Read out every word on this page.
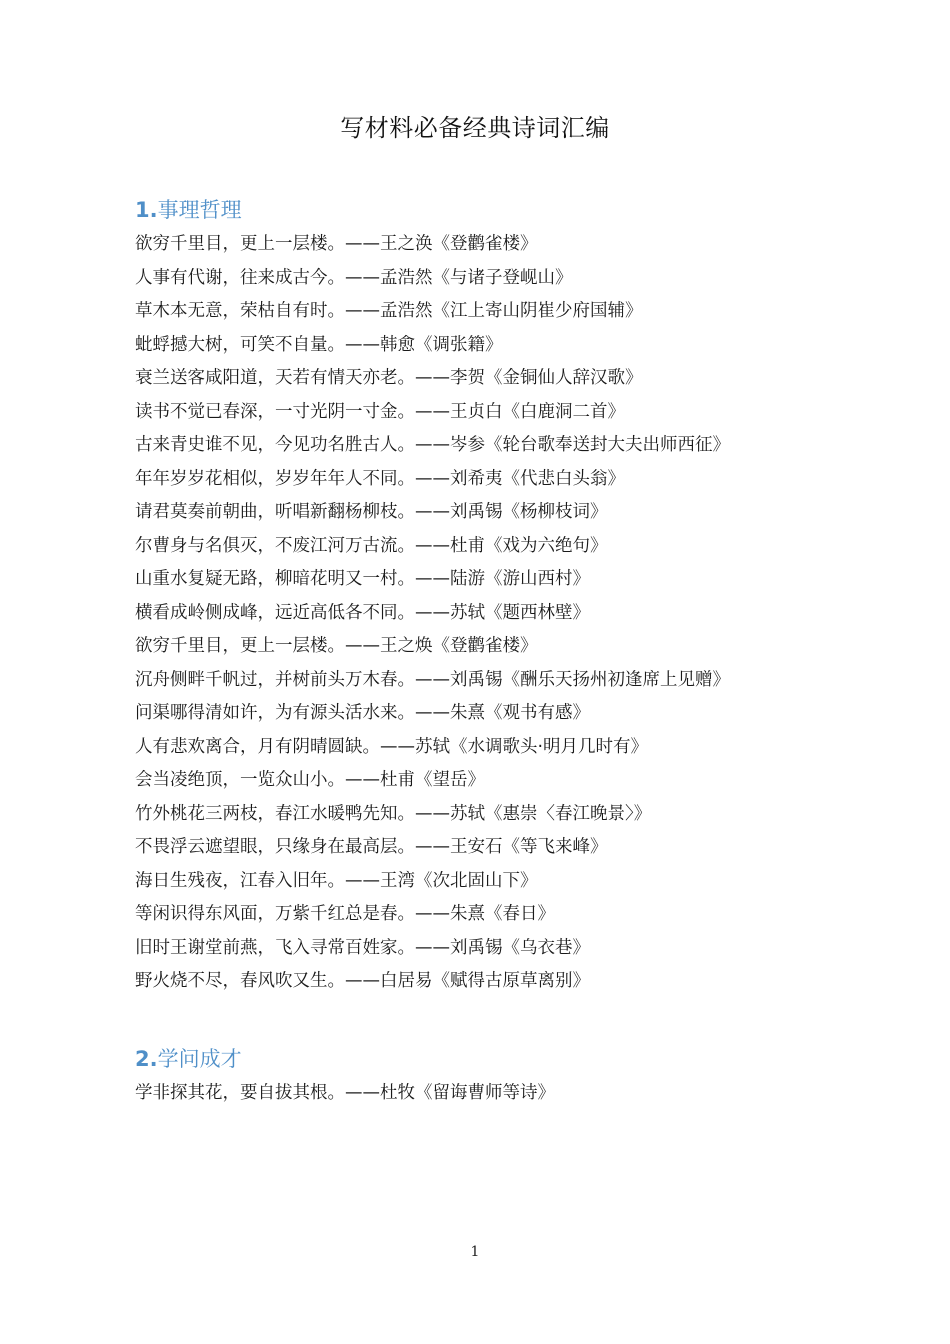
写材料必备经典诗词汇编
1.事理哲理
欲穷千里目，更上一层楼。——王之涣《登鹳雀楼》
人事有代谢，往来成古今。——孟浩然《与诸子登岘山》
草木本无意，荣枯自有时。——孟浩然《江上寄山阴崔少府国辅》
蚍蜉撼大树，可笑不自量。——韩愈《调张籍》
衰兰送客咸阳道，天若有情天亦老。——李贺《金铜仙人辞汉歌》
读书不觉已春深，一寸光阴一寸金。——王贞白《白鹿洞二首》
古来青史谁不见，今见功名胜古人。——岑参《轮台歌奉送封大夫出师西征》
年年岁岁花相似，岁岁年年人不同。——刘希夷《代悲白头翁》
请君莫奏前朝曲，听唱新翻杨柳枝。——刘禹锡《杨柳枝词》
尔曹身与名俱灭，不废江河万古流。——杜甫《戏为六绝句》
山重水复疑无路，柳暗花明又一村。——陆游《游山西村》
横看成岭侧成峰，远近高低各不同。——苏轼《题西林壁》
欲穷千里目，更上一层楼。——王之焕《登鹳雀楼》
沉舟侧畔千帆过，并树前头万木春。——刘禹锡《酬乐天扬州初逢席上见赠》
问渠哪得清如许，为有源头活水来。——朱熹《观书有感》
人有悲欢离合，月有阴晴圆缺。——苏轼《水调歌头·明月几时有》
会当凌绝顶，一览众山小。——杜甫《望岳》
竹外桃花三两枝，春江水暖鸭先知。——苏轼《惠崇〈春江晚景〉》
不畏浮云遮望眼，只缘身在最高层。——王安石《等飞来峰》
海日生残夜，江春入旧年。——王湾《次北固山下》
等闲识得东风面，万紫千红总是春。——朱熹《春日》
旧时王谢堂前燕，飞入寻常百姓家。——刘禹锡《乌衣巷》
野火烧不尽，春风吹又生。——白居易《赋得古原草离别》
2.学问成才
学非探其花，要自拔其根。——杜牧《留诲曹师等诗》
1
